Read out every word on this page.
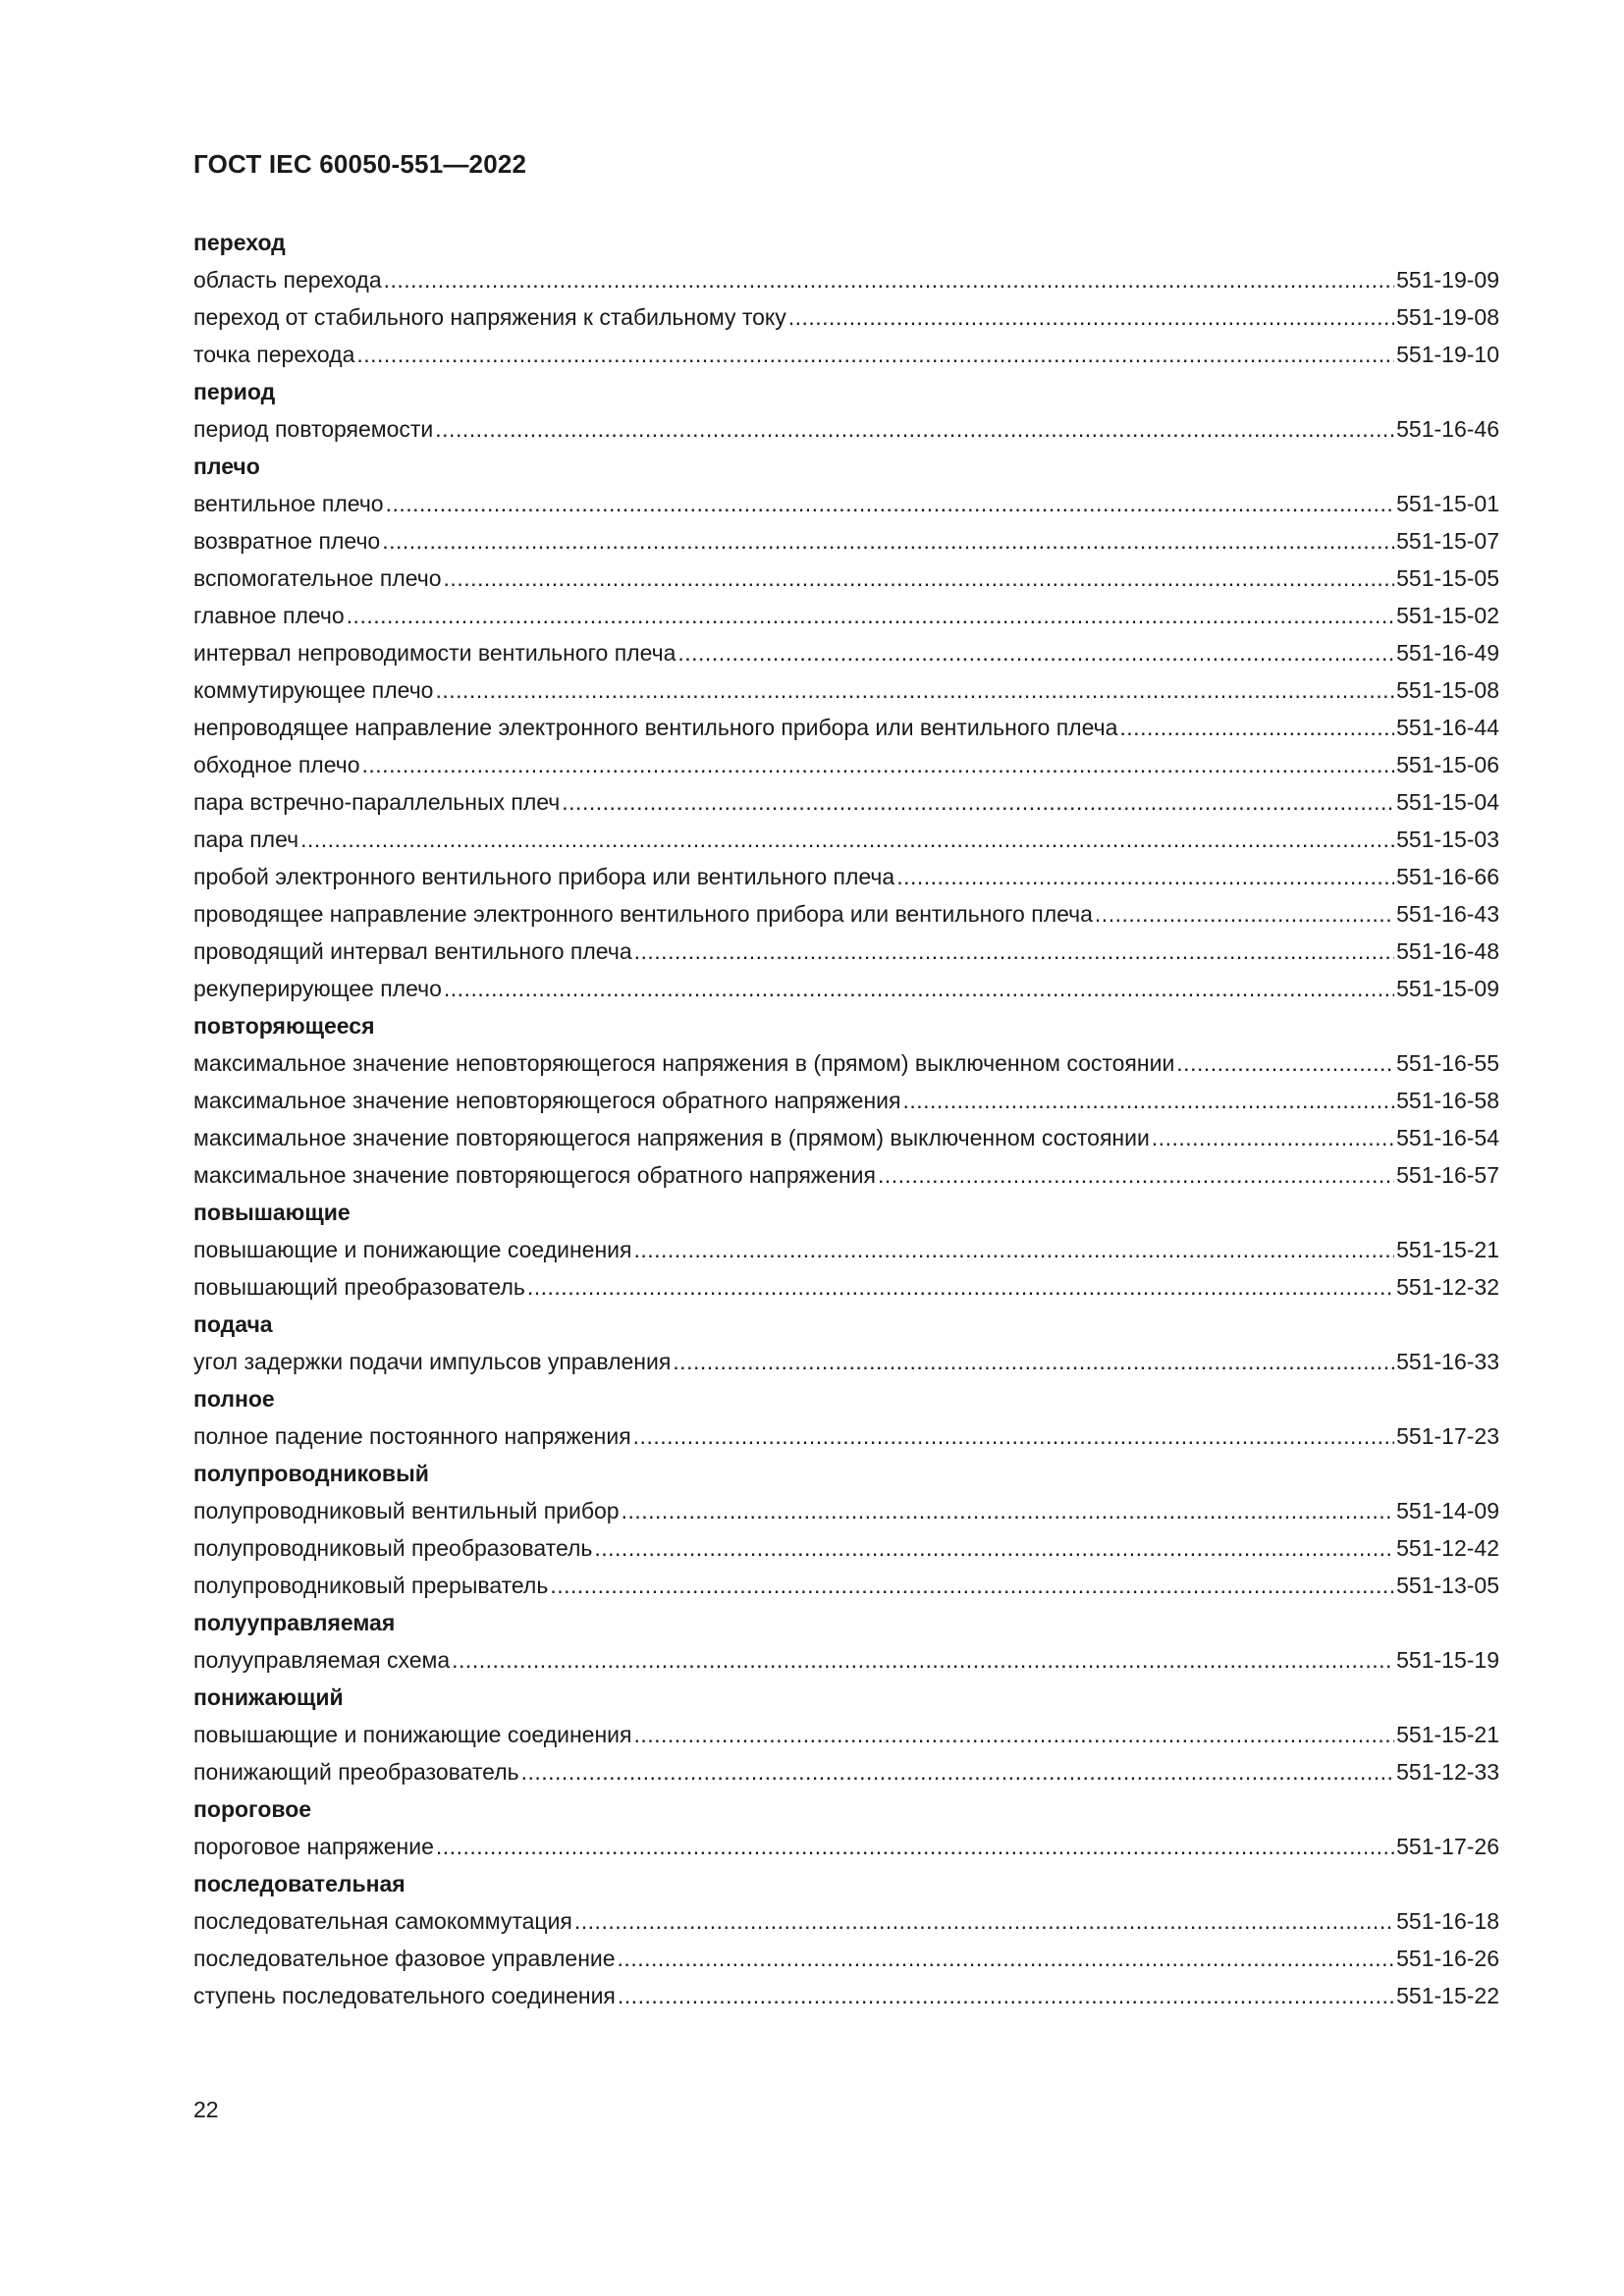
ГОСТ IEC 60050-551—2022
переход
область перехода .....	551-19-09
переход от стабильного напряжения к стабильному току .....	551-19-08
точка перехода .....	551-19-10
период
период повторяемости .....	551-16-46
плечо
вентильное плечо .....	551-15-01
возвратное плечо .....	551-15-07
вспомогательное плечо .....	551-15-05
главное плечо .....	551-15-02
интервал непроводимости вентильного плеча .....	551-16-49
коммутирующее плечо .....	551-15-08
непроводящее направление электронного вентильного прибора или вентильного плеча .....	551-16-44
обходное плечо .....	551-15-06
пара встречно-параллельных плеч .....	551-15-04
пара плеч .....	551-15-03
пробой электронного вентильного прибора или вентильного плеча .....	551-16-66
проводящее направление электронного вентильного прибора или вентильного плеча .....	551-16-43
проводящий интервал вентильного плеча .....	551-16-48
рекуперирующее плечо .....	551-15-09
повторяющееся
максимальное значение неповторяющегося напряжения в (прямом) выключенном состоянии .....	551-16-55
максимальное значение неповторяющегося обратного напряжения .....	551-16-58
максимальное значение повторяющегося напряжения в (прямом) выключенном состоянии .....	551-16-54
максимальное значение повторяющегося обратного напряжения .....	551-16-57
повышающие
повышающие и понижающие соединения .....	551-15-21
повышающий преобразователь .....	551-12-32
подача
угол задержки подачи импульсов управления .....	551-16-33
полное
полное падение постоянного напряжения .....	551-17-23
полупроводниковый
полупроводниковый вентильный прибор .....	551-14-09
полупроводниковый преобразователь .....	551-12-42
полупроводниковый прерыватель .....	551-13-05
полууправляемая
полууправляемая схема .....	551-15-19
понижающий
повышающие и понижающие соединения .....	551-15-21
понижающий преобразователь .....	551-12-33
пороговое
пороговое напряжение .....	551-17-26
последовательная
последовательная самокоммутация .....	551-16-18
последовательное фазовое управление .....	551-16-26
ступень последовательного соединения .....	551-15-22
22
